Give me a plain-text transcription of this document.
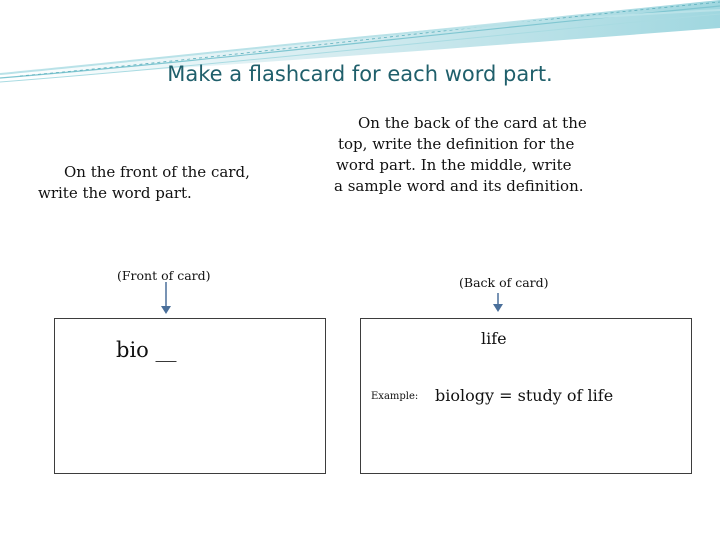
Make a flashcard for each word part.
On the front of the card,
write the word part.
On the back of the card at the
top, write the definition for the
word part. In the middle, write
a sample word and its definition.
(Front of card)	(Back of card)
bio __	life
Example: biology = study of life
